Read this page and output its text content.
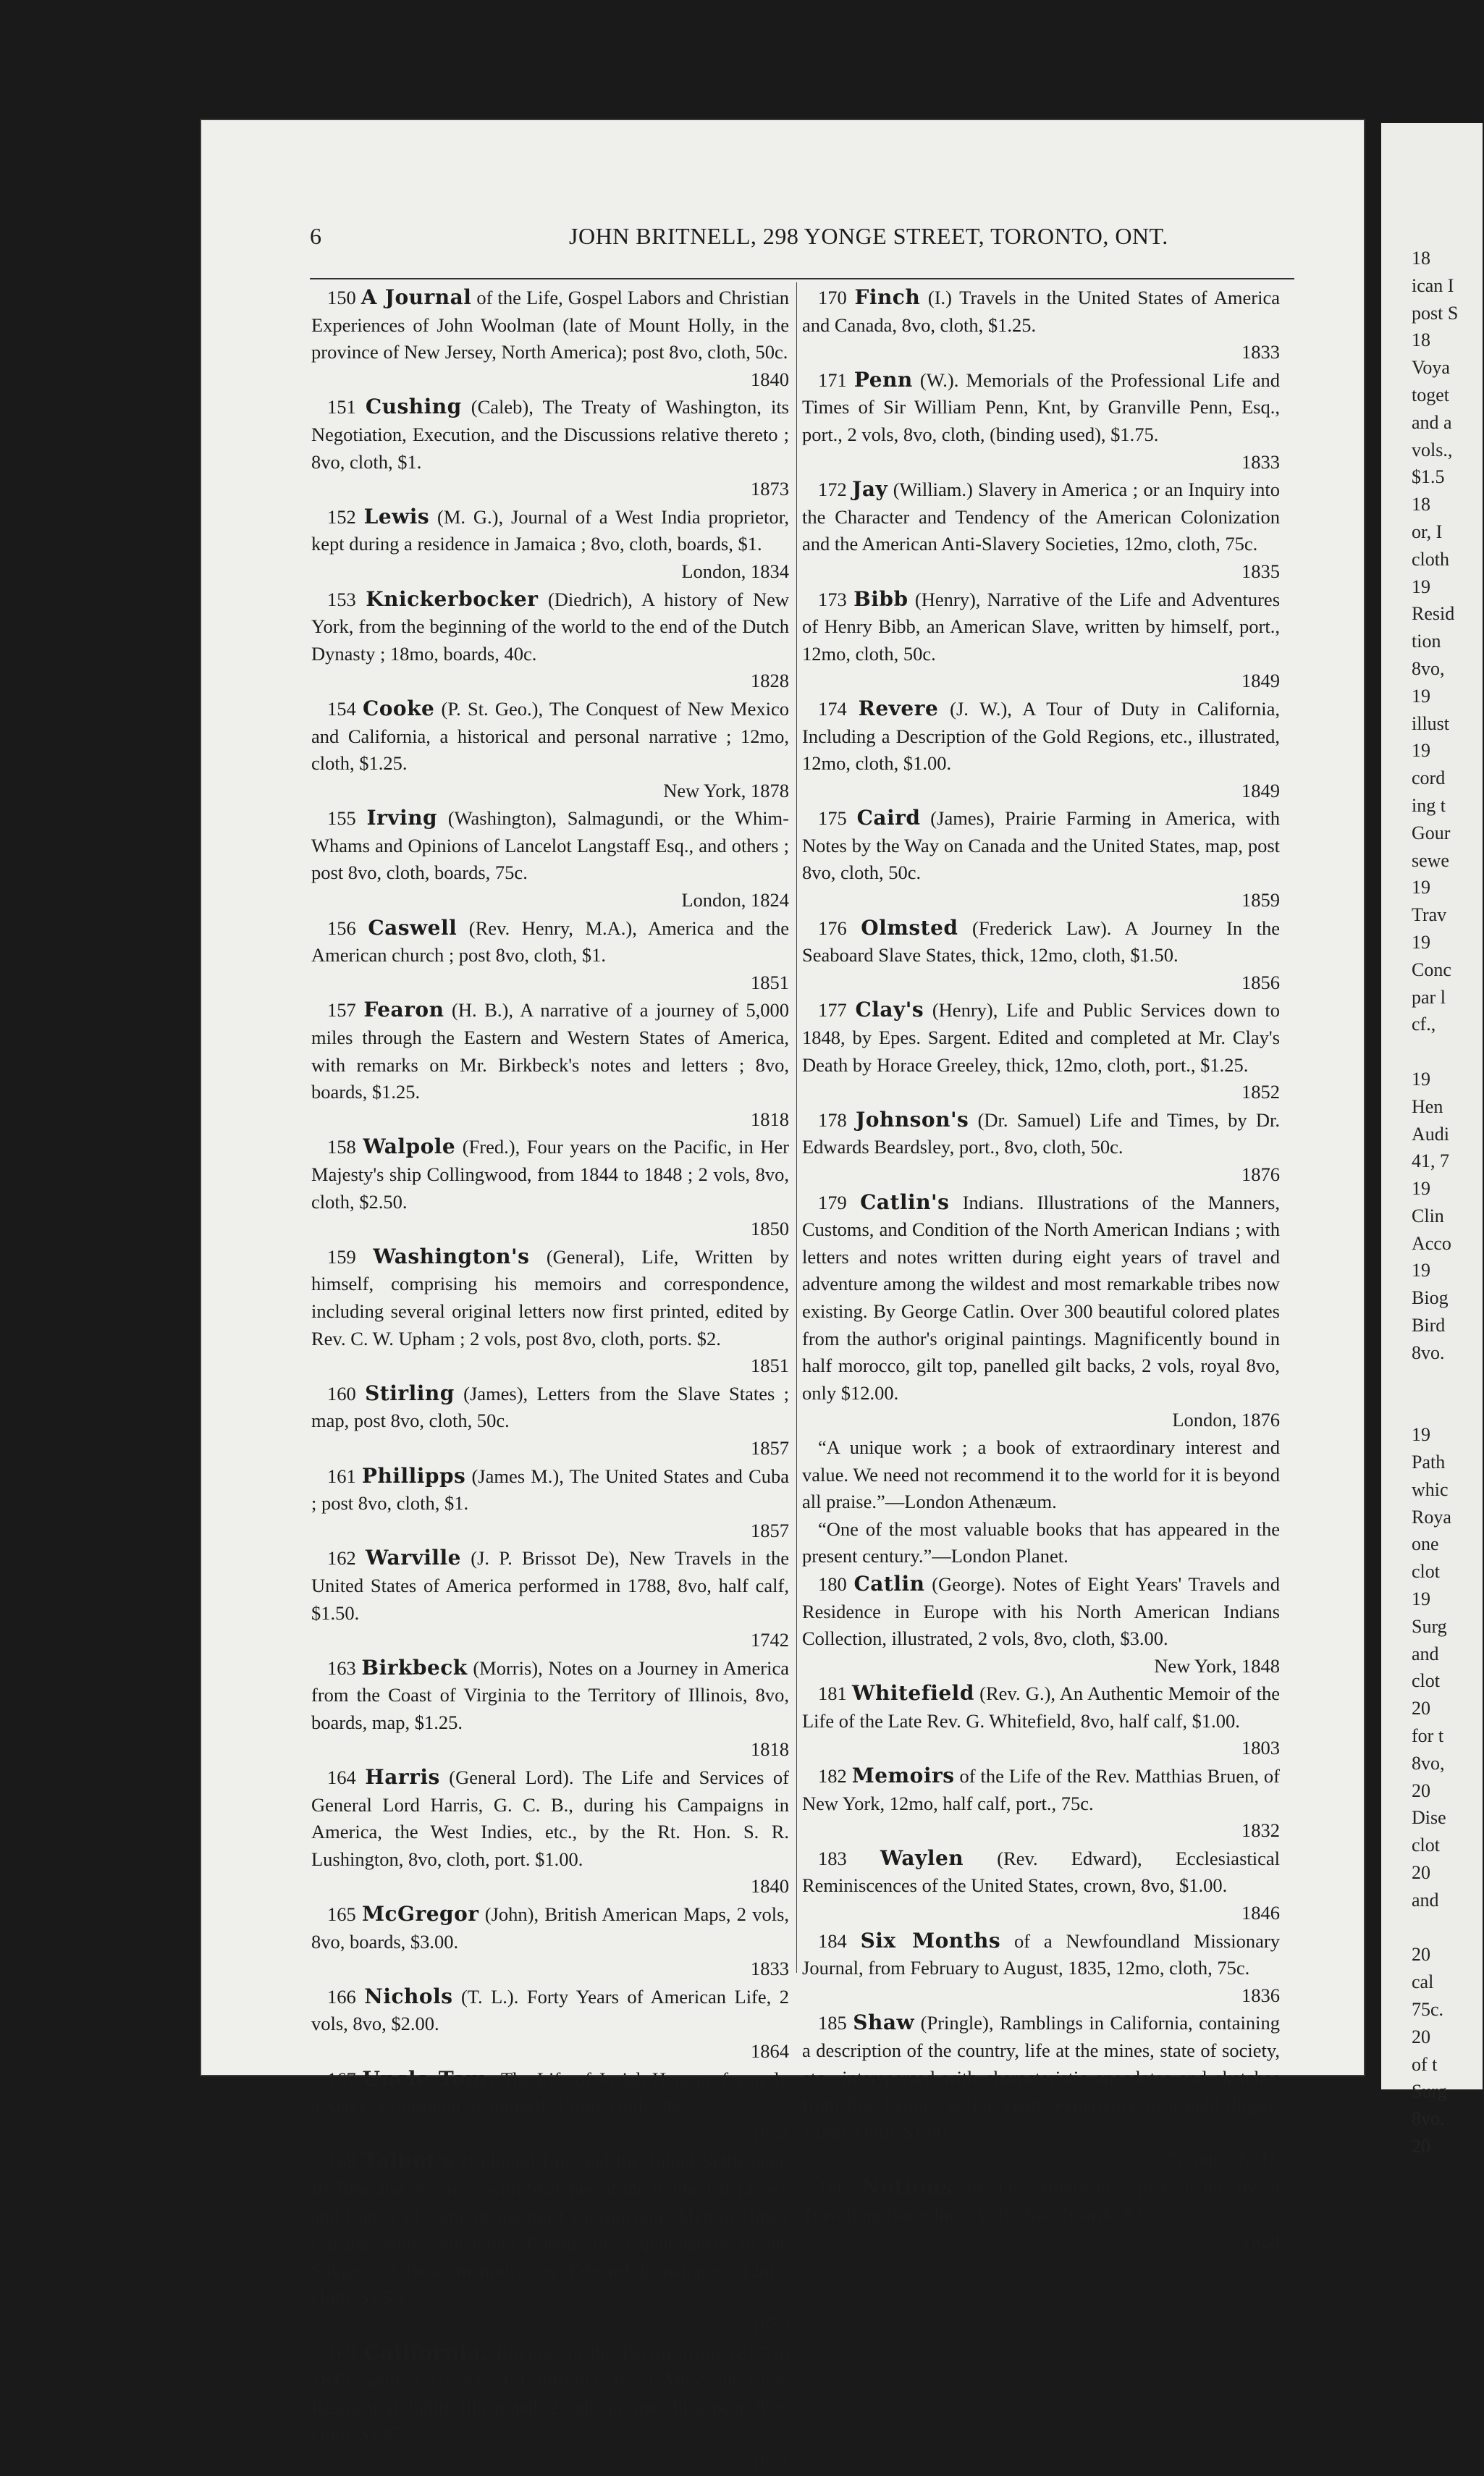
6	JOHN BRITNELL, 298 YONGE STREET, TORONTO, ONT.

150 A Journal of the Life, Gospel Labors and Christian Experiences of John Woolman (late of Mount Holly, in the province of New Jersey, North America); post 8vo, cloth, 50c.
1840

151 Cushing (Caleb), The Treaty of Washington, its Negotiation, Execution, and the Discussions relative thereto ; 8vo, cloth, $1.
1873

152 Lewis (M. G.), Journal of a West India proprietor, kept during a residence in Jamaica ; 8vo, cloth, boards, $1.
London, 1834

153 Knickerbocker (Diedrich), A history of New York, from the beginning of the world to the end of the Dutch Dynasty ; 18mo, boards, 40c.
1828

154 Cooke (P. St. Geo.), The Conquest of New Mexico and California, a historical and personal narrative ; 12mo, cloth, $1.25.
New York, 1878

155 Irving (Washington), Salmagundi, or the Whim-Whams and Opinions of Lancelot Langstaff Esq., and others ; post 8vo, cloth, boards, 75c.
London, 1824

156 Caswell (Rev. Henry, M.A.), America and the American church ; post 8vo, cloth, $1.
1851

157 Fearon (H. B.), A narrative of a journey of 5,000 miles through the Eastern and Western States of America, with remarks on Mr. Birkbeck's notes and letters ; 8vo, boards, $1.25.
1818

158 Walpole (Fred.), Four years on the Pacific, in Her Majesty's ship Collingwood, from 1844 to 1848 ; 2 vols, 8vo, cloth, $2.50.
1850

159 Washington's (General), Life, Written by himself, comprising his memoirs and correspondence, including several original letters now first printed, edited by Rev. C. W. Upham ; 2 vols, post 8vo, cloth, ports. $2.
1851

160 Stirling (James), Letters from the Slave States ; map, post 8vo, cloth, 50c.
1857

161 Phillipps (James M.), The United States and Cuba ; post 8vo, cloth, $1.
1857

162 Warville (J. P. Brissot De), New Travels in the United States of America performed in 1788, 8vo, half calf, $1.50.
1742

163 Birkbeck (Morris), Notes on a Journey in America from the Coast of Virginia to the Territory of Illinois, 8vo, boards, map, $1.25.
1818

164 Harris (General Lord). The Life and Services of General Lord Harris, G. C. B., during his Campaigns in America, the West Indies, etc., by the Rt. Hon. S. R. Lushington, 8vo, cloth, port. $1.00.
1840

165 McGregor (John), British American Maps, 2 vols, 8vo, boards, $3.00.
1833

166 Nichols (T. L.). Forty Years of American Life, 2 vols, 8vo, $2.00.
1864

167 Uncle Tom. The Life of Josiah Henson, formerly a Slave, as narrated by himself, 12mo, cloth, 30c.
1852

168 Talbot's (Colonel) Life and the Talbot Settlement. Its Rise and Progress, with Sketches of the Public Characters and Career of some of the most Conspicuous Men in Upper Canada, who were either Friends or Acquaintances of the Subject of these memoirs, by Edward Ermatinger, 12mo, cloth, $1.50.
1859

169 California. Rovings in the Pacific from 1837 to 1849, with a Glance at California, by a Merchant Long Resident at Tahiti. Illustrated, 2 vols. in one, thick post, 8vo, cloth, $1.25.
1851

170 Finch (I.) Travels in the United States of America and Canada, 8vo, cloth, $1.25.
1833

171 Penn (W.). Memorials of the Professional Life and Times of Sir William Penn, Knt, by Granville Penn, Esq., port., 2 vols, 8vo, cloth, (binding used), $1.75.
1833

172 Jay (William.) Slavery in America ; or an Inquiry into the Character and Tendency of the American Colonization and the American Anti-Slavery Societies, 12mo, cloth, 75c.
1835

173 Bibb (Henry), Narrative of the Life and Adventures of Henry Bibb, an American Slave, written by himself, port., 12mo, cloth, 50c.
1849

174 Revere (J. W.), A Tour of Duty in California, Including a Description of the Gold Regions, etc., illustrated, 12mo, cloth, $1.00.
1849

175 Caird (James), Prairie Farming in America, with Notes by the Way on Canada and the United States, map, post 8vo, cloth, 50c.
1859

176 Olmsted (Frederick Law). A Journey In the Seaboard Slave States, thick, 12mo, cloth, $1.50.
1856

177 Clay's (Henry), Life and Public Services down to 1848, by Epes. Sargent. Edited and completed at Mr. Clay's Death by Horace Greeley, thick, 12mo, cloth, port., $1.25.
1852

178 Johnson's (Dr. Samuel) Life and Times, by Dr. Edwards Beardsley, port., 8vo, cloth, 50c.
1876

179 Catlin's Indians. Illustrations of the Manners, Customs, and Condition of the North American Indians ; with letters and notes written during eight years of travel and adventure among the wildest and most remarkable tribes now existing. By George Catlin. Over 300 beautiful colored plates from the author's original paintings. Magnificently bound in half morocco, gilt top, panelled gilt backs, 2 vols, royal 8vo, only $12.00.
London, 1876

“A unique work ; a book of extraordinary interest and value. We need not recommend it to the world for it is beyond all praise.”—London Athenæum.

“One of the most valuable books that has appeared in the present century.”—London Planet.

180 Catlin (George). Notes of Eight Years' Travels and Residence in Europe with his North American Indians Collection, illustrated, 2 vols, 8vo, cloth, $3.00.
New York, 1848

181 Whitefield (Rev. G.), An Authentic Memoir of the Life of the Late Rev. G. Whitefield, 8vo, half calf, $1.00.
1803

182 Memoirs of the Life of the Rev. Matthias Bruen, of New York, 12mo, half calf, port., 75c.
1832

183 Waylen (Rev. Edward), Ecclesiastical Reminiscences of the United States, crown, 8vo, $1.00.
1846

184 Six Months of a Newfoundland Missionary Journal, from February to August, 1835, 12mo, cloth, 75c.
1836

185 Shaw (Pringle), Ramblings in California, containing a description of the country, life at the mines, state of society, etc., interspersed with characteristic anecdotes and sketches from life, being the five years' experience of a gold digger, 12mo, cloth, $1.00.
Toronto, N. D.

186 Notions of the Americans, picked up by a Travelling Bachelor, 2 vols., 8vo, boards, $2,
1828

18
ican I
post S
18
Voya
toget
and a
vols.,
$1.5
18
or, I
cloth
19
Resid
tion
8vo,
19
illust
19
cord
ing t
Gour
sewe
19
Trav
19
Conc
par l
cf.,
19
Hen
Audi
41, 7
19
Clin
Acco
19
Biog
Bird
8vo.
19
Path
whic
Roya
one
clot
19
Surg
and
clot
20
for t
8vo,
20
Dise
clot
20
and
20
cal
75c.
20
of t
Surg
8vo.
20
